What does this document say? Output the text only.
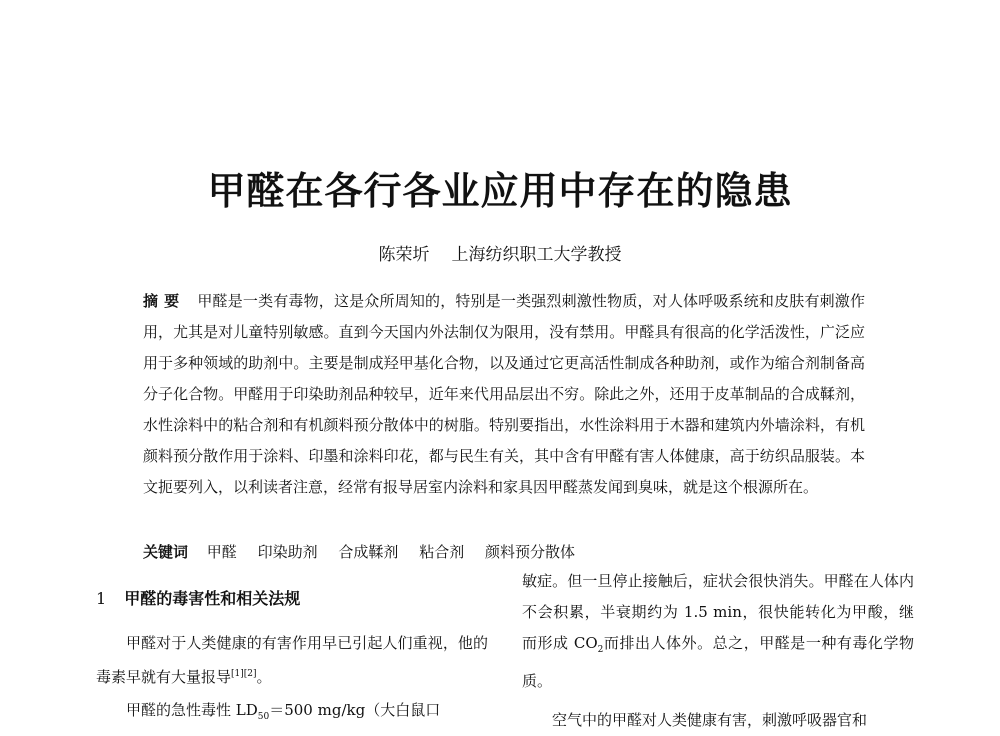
甲醛在各行各业应用中存在的隐患
陈荣圻 上海纺织职工大学教授
摘要 甲醛是一类有毒物，这是众所周知的，特别是一类强烈刺激性物质，对人体呼吸系统和皮肤有刺激作用，尤其是对儿童特别敏感。直到今天国内外法制仅为限用，没有禁用。甲醛具有很高的化学活泼性，广泛应用于多种领域的助剂中。主要是制成羟甲基化合物，以及通过它更高活性制成各种助剂，或作为缩合剂制备高分子化合物。甲醛用于印染助剂品种较早，近年来代用品层出不穷。除此之外，还用于皮革制品的合成鞣剂，水性涂料中的粘合剂和有机颜料预分散体中的树脂。特别要指出，水性涂料用于木器和建筑内外墙涂料，有机颜料预分散作用于涂料、印墨和涂料印花，都与民生有关，其中含有甲醛有害人体健康，高于纺织品服装。本文扼要列入，以利读者注意，经常有报导居室内涂料和家具因甲醛蒸发闻到臭味，就是这个根源所在。
关键词 甲醛 印染助剂 合成鞣剂 粘合剂 颜料预分散体
1 甲醛的毒害性和相关法规

甲醛对于人类健康的有害作用早已引起人们重视，他的毒素早就有大量报导[1][2]。

甲醛的急性毒性 $LD_{50}=500$ mg/kg（大白鼠口

敏症。但一旦停止接触后，症状会很快消失。甲醛在人体内不会积累，半衰期约为 1.5 min，很快能转化为甲酸，继而形成 $CO_2$而排出人体外。总之，甲醛是一种有毒化学物质。

空气中的甲醛对人类健康有害，刺激呼吸器官和
